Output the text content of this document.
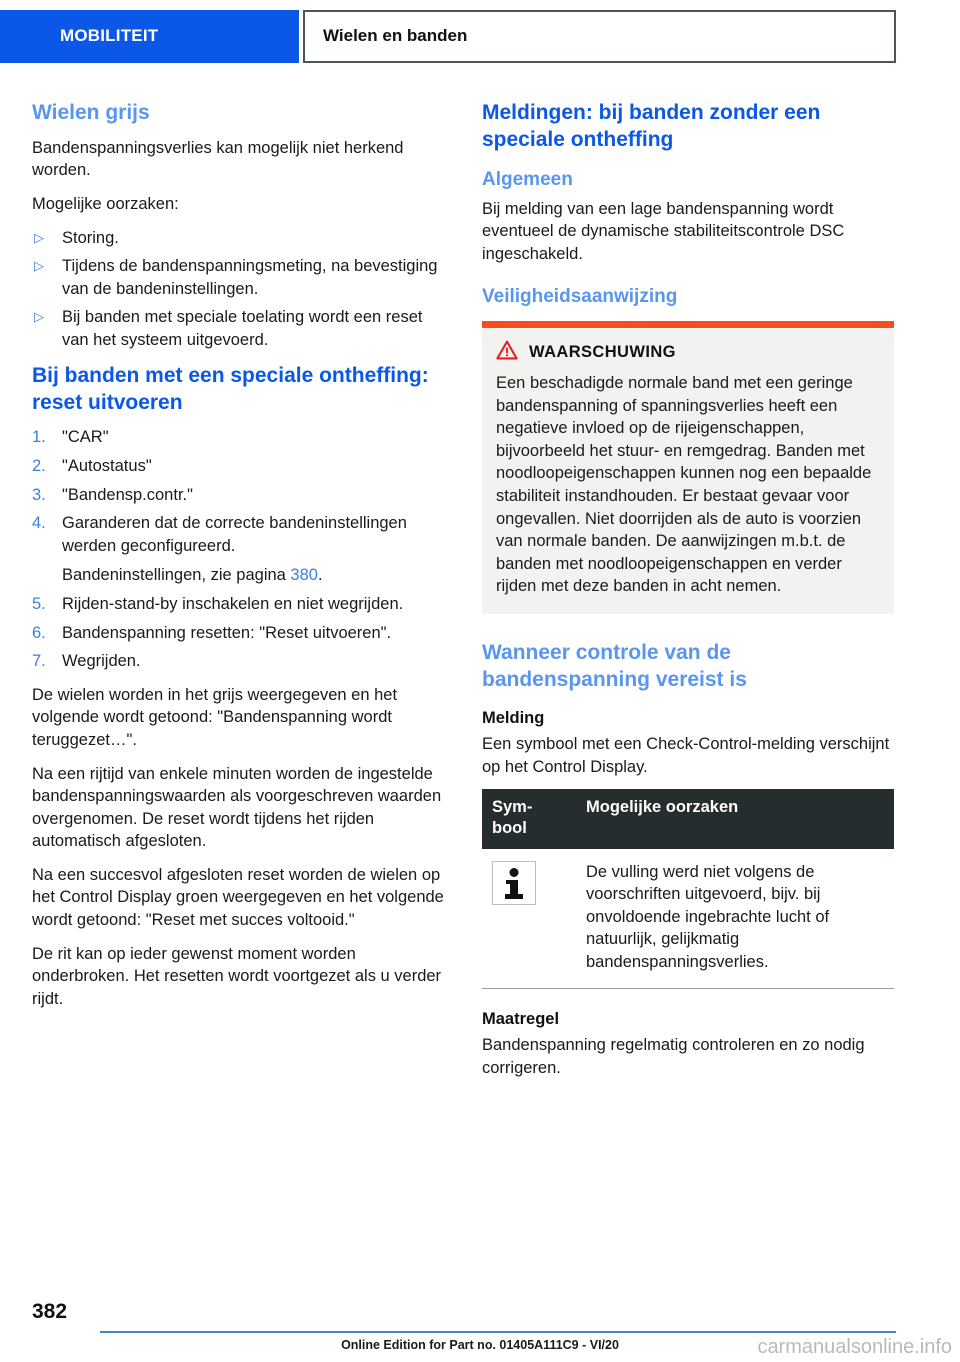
MOBILITEIT	Wielen en banden
Wielen grijs

Bandenspanningsverlies kan mogelijk niet herkend worden.

Mogelijke oorzaken:

▷ Storing.
▷ Tijdens de bandenspanningsmeting, na bevestiging van de bandeninstellingen.
▷ Bij banden met speciale toelating wordt een reset van het systeem uitgevoerd.
Bij banden met een speciale ontheffing: reset uitvoeren
1. "CAR"
2. "Autostatus"
3. "Bandensp.contr."
4. Garanderen dat de correcte bandeninstellingen werden geconfigureerd.
Bandeninstellingen, zie pagina 380.
5. Rijden-stand-by inschakelen en niet wegrijden.
6. Bandenspanning resetten: "Reset uitvoeren".
7. Wegrijden.

De wielen worden in het grijs weergegeven en het volgende wordt getoond: "Bandenspanning wordt teruggezet…".

Na een rijtijd van enkele minuten worden de ingestelde bandenspanningswaarden als voorgeschreven waarden overgenomen. De reset wordt tijdens het rijden automatisch afgesloten.

Na een succesvol afgesloten reset worden de wielen op het Control Display groen weergegeven en het volgende wordt getoond: "Reset met succes voltooid."

De rit kan op ieder gewenst moment worden onderbroken. Het resetten wordt voortgezet als u verder rijdt.

Meldingen: bij banden zonder een speciale ontheffing
Algemeen

Bij melding van een lage bandenspanning wordt eventueel de dynamische stabiliteitscontrole DSC ingeschakeld.

Veiligheidsaanwijzing
WAARSCHUWING

Een beschadigde normale band met een geringe bandenspanning of spanningsverlies heeft een negatieve invloed op de rijeigenschappen, bijvoorbeeld het stuur- en remgedrag. Banden met noodloopeigenschappen kunnen nog een bepaalde stabiliteit instandhouden. Er bestaat gevaar voor ongevallen. Niet doorrijden als de auto is voorzien van normale banden. De aanwijzingen m.b.t. de banden met noodloopeigenschappen en verder rijden met deze banden in acht nemen.

Wanneer controle van de bandenspanning vereist is
Melding

Een symbool met een Check-Control-melding verschijnt op het Control Display.

Sym-bool	Mogelijke oorzaken

	De vulling werd niet volgens de voorschriften uitgevoerd, bijv. bij onvoldoende ingebrachte lucht of natuurlijk, gelijkmatig bandenspanningsverlies.
Maatregel

Bandenspanning regelmatig controleren en zo nodig corrigeren.

382
Online Edition for Part no. 01405A111C9 - VI/20	carmanualsonline.info
